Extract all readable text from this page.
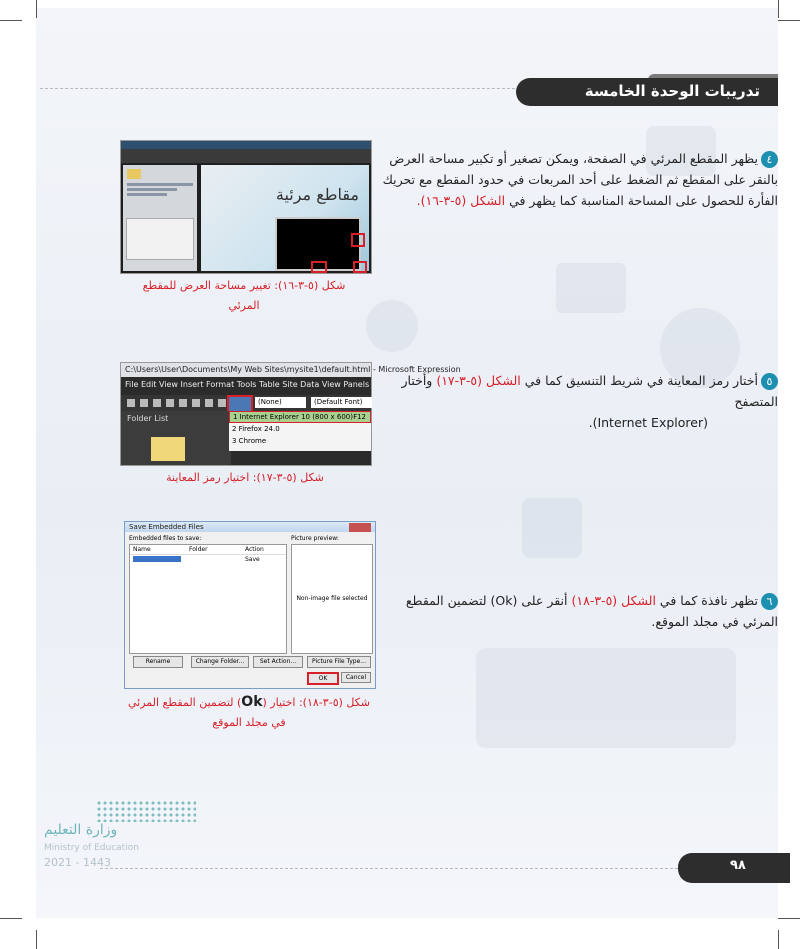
تدريبات الوحدة الخامسة
٤يظهر المقطع المرئي في الصفحة، ويمكن تصغير أو تكبير مساحة العرض بالنقر على المقطع ثم الضغط على أحد المربعات في حدود المقطع مع تحريك الفأرة للحصول على المساحة المناسبة كما يظهر في الشكل (٥-٣-١٦).
مقاطع مرئية
شكل (٥-٣-١٦): تغيير مساحة العرض للمقطع المرئي
٥أختار رمز المعاينة في شريط التنسيق كما في الشكل (٥-٣-١٧) وأختار المتصفح
(Internet Explorer).
C:\Users\User\Documents\My Web Sites\mysite1\default.html - Microsoft Expression
File Edit View Insert Format Tools Table Site Data View Panels Windo
(None)	(Default Font)
Folder List	1 Internet Explorer 10 (800 x 600) F12
2 Firefox 24.0
3 Chrome
شكل (٥-٣-١٧): اختيار رمز المعاينة
٦تظهر نافذة كما في الشكل (٥-٣-١٨) أنقر على (Ok) لتضمين المقطع المرئي في مجلد الموقع.
Save Embedded Files
Embedded files to save:	Picture preview:
Name	Folder	Action
Save
Non-image file selected
Rename	Change Folder...	Set Action...	Picture File Type...
OK	Cancel
شكل (٥-٣-١٨): اختيار (Ok) لتضمين المقطع المرئي في مجلد الموقع
وزارة التعليم
Ministry of Education
2021 - 1443	٩٨
